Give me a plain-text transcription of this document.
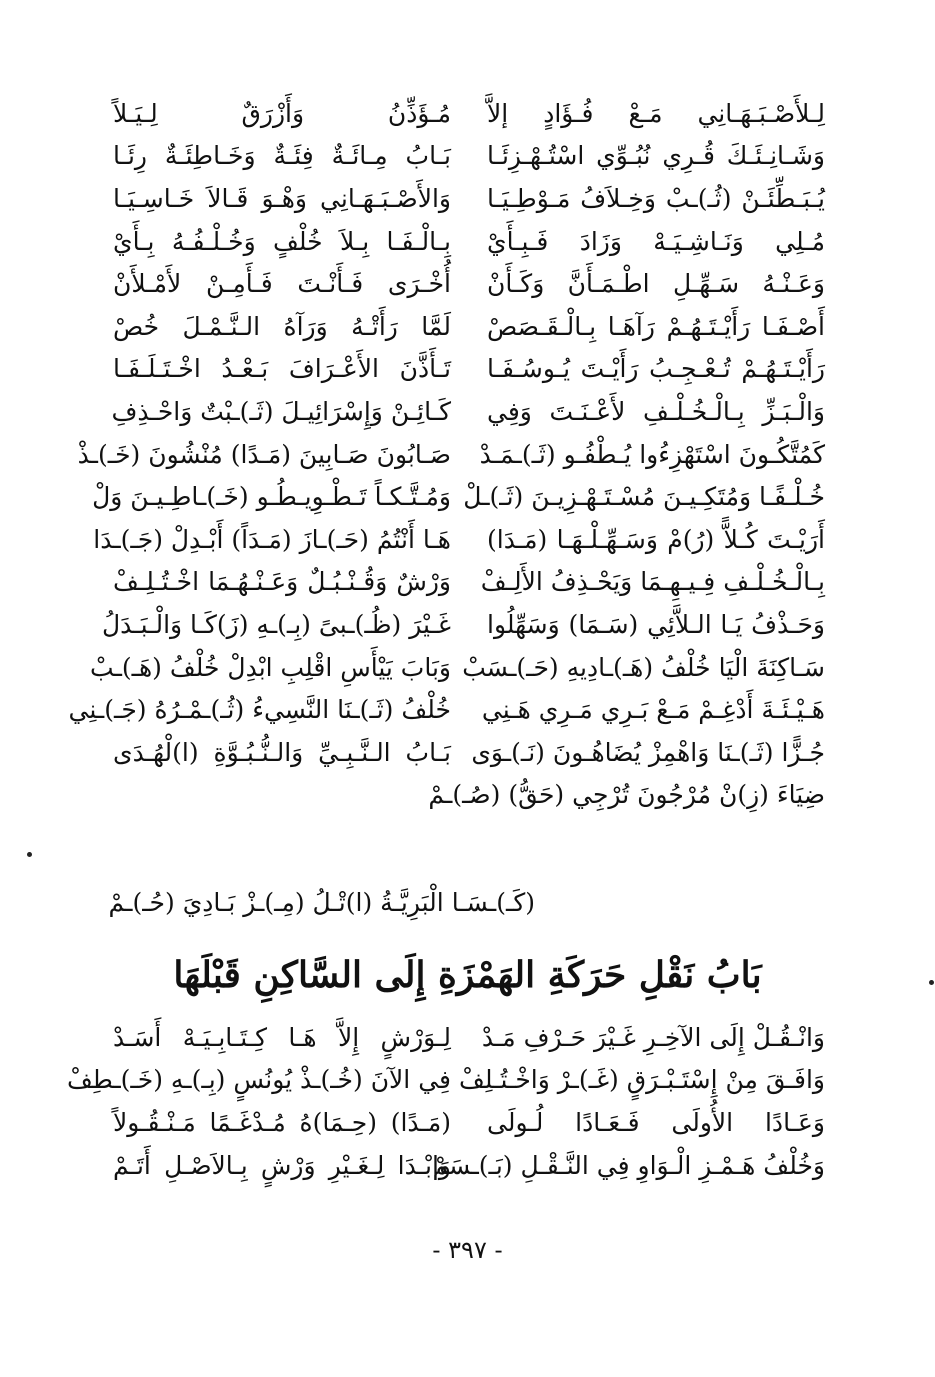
لِـلأَصْـبَـهَـانِي مَـعْ فُـؤَادٍ إلاَّ
مُـؤَذِّنُ وَأَزْرَقٌ لِـيَـلاً
وَشَـانِـئَـكَ قُـرِي نُبُـوِّي اسْتُـهْـزِئَـا
بَـابُ مِـائَـةٌ فِئَـةٌ وَخَـاطِئَـةٌ رِئَـا
يُـبَـطِّئَـنْ (ثُـ)ـبْ وَخِـلاَفُ مَـوْطِـيَـا
وَالأَصْـبَـهَـانِي وَهْـوَ قَـالاَ خَـاسِـيَـا
مُـلِي وَنَـاشِـيَـهْ وَزَادَ فَـبِـأَيْ
بِـالْـفَـا بِـلاَ خُلْفٍ وَخُـلْـفُـهُ بِـأَيْ
وَعَـنْـهُ سَـهِّـلِ اطْـمَـأَنَّ وَكَـأَنْ
أُخْـرَى فَـأَنْـتَ فَـأَمِـنْ لأَمْـلأَنْ
أَصْـفَـا رَأَيْـتَـهُـمْ رَآهَـا بِـالْـقَـصَصْ
لَمَّا رَأَتْـهُ وَرَآهُ الـنَّـمْـلَ خُصْ
رَأَيْـتَـهُـمْ تُـعْـجِـبُ رَأَيْـتَ يُـوسُـفَـا
تَـأَذَّنَ الأَعْـرَافَ بَـعْـدُ اخْـتَـلَـفَـا
وَالْـبَـزِّ بِـالْـخُـلْـفِ لأَعْـنَـتَ وَفِي
كَـائِـنْ وَإِسْرَائِيـلَ (ثَـ)ـبْتٌ وَاحْـذِفِ
كَمُتَّكُـونَ اسْتَهْزِءُوا يُـطْفُـو (ثَـ)ـمَـدْ
صَـابُونَ صَـابِينَ (مَـدًا) مُنْشُونَ (خَـ)ـذْ
خُـلْـفًـا وَمُتَكِـيـنَ مُسْـتَـهْـزِيـنَ (ثَـ)ـلْ
وَمُـتَّـكـاً تَـطْـوِيـطُـو (خَـ)ـاطِـيـنَ وَلْ
أَرَيْـتَ كُـلاًّ (رُ)مْ وَسَـهِّـلْـهَـا (مَـدَا)
هَـا أَنْتُمُ (حَـ)ـازَ (مَـدَاً) أَبْـدِلْ (جَـ)ـدَا
بِـالْـخُـلْـفِ فِـيـهِـمَا وَيَحْـذِفُ الأَلِـفْ
وَرْشٌ وَقُـنْـبُـلٌ وَعَـنْـهُـمَا اخْـتُـلِـفْ
وَحَـذْفُ يَـا الـلاَّئِي (سَـمَا) وَسَهِّلُوا
غَـيْرَ (ظُـ)ـبىً (بِـ)ـهِ (زَ)كَـا وَالْـبَـدَلُ
سَـاكِنَةَ الْيَا خُلْفُ (هَـ)ـادِيهِ (حَـ)ـسَبْ
وَبَابَ يَيْأَسِ اقْلِبِ ابْدِلْ خُلْفُ (هَـ)ـبْ
هَـيْـئَـةَ أَدْغِـمْ مَـعْ بَـرِي مَـرِي هَـنِي
خُلْفُ (ثَـ)ـنَا النَّسِيءُ (ثُـ)ـمْـرُهُ (جَـ)ـنِي
جُـزًّا (ثَـ)ـنَا وَاهْمِزْ يُضَاهُـونَ (نَـ)ـوَى
بَـابُ الـنَّـبِـيِّ وَالـنُّـبُـوَّةِ (ا)لْهُـدَى
ضِيَاءَ (زِ)نْ مُرْجُونَ تُرْجِي (حَقُّ) (صُـ)ـمْ
(كَـ)ـسَـا الْبَرِيَّـةُ (ا)تْـلُ (مِـ)ـزْ بَـادِيَ (حُـ)ـمْ
بَابُ نَقْلِ حَرَكَةِ الهَمْزَةِ إِلَى السَّاكِنِ قَبْلَهَا
وَانْـقُـلْ إِلَى الآخِـرِ غَـيْرَ حَـرْفِ مَـدْ
لِـوَرْشٍ إِلاَّ هَـا كِـتَـابِـيَـهْ أَسَـدْ
وَافَـقَ مِنْ إِسْتَـبْـرَقٍ (غَـ)ـرْ وَاخْـتُـلِفْ
فِي الآنَ (خُـ)ـذْ يُونُسٍ (بِـ)ـهِ (خَـ)ـطِفْ
وَعَـادًا الأُولَى فَـعَـادًا لُـولَى
(مَـدًا) (حِـمَا)هُ مُـدْغَـمًا مَـنْـقُـولاً
وَخُلْفُ هَـمْـزِ الْـوَاوِ فِي النَّـقْـلِ (بَـ)ـسَمْ
وَابْـدَا لِـغَـيْرِ وَرْشٍ بِـالاَصْـلِ أَتَـمْ
- ٣٩٧ -
